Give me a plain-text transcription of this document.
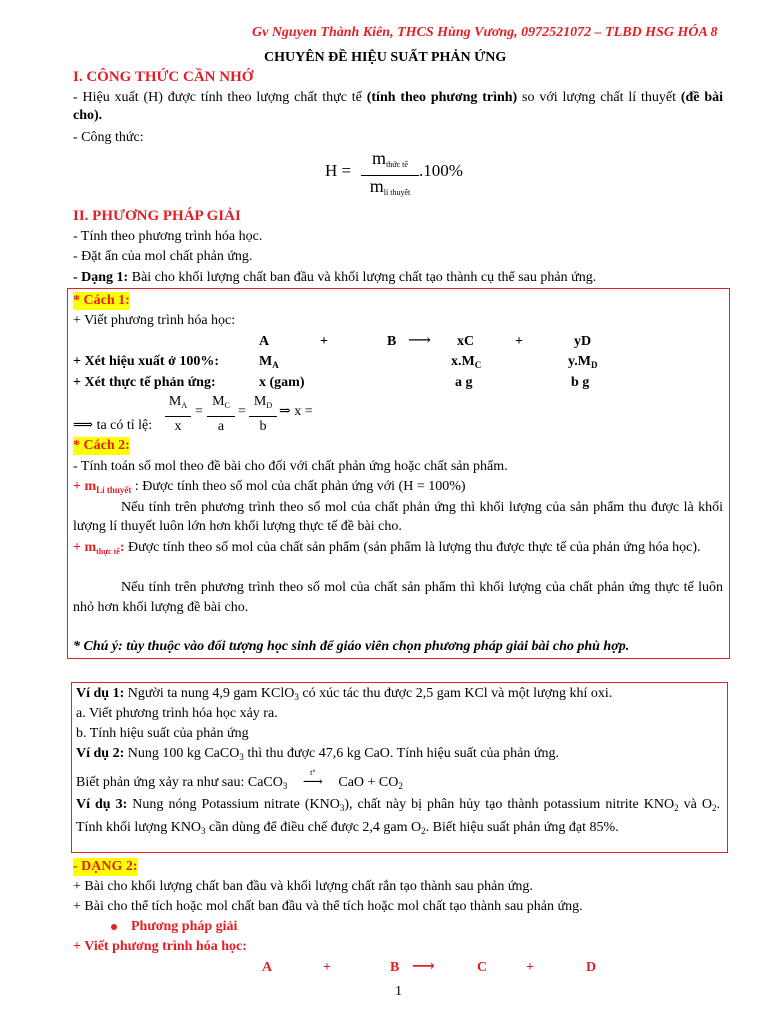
Gv Nguyen Thành Kiên, THCS Hùng Vương, 0972521072 – TLBD HSG HÓA 8
CHUYÊN ĐỀ HIỆU SUẤT PHẢN ỨNG
I. CÔNG THỨC CẦN NHỚ
- Hiệu xuất (H) được tính theo lượng chất thực tế (tính theo phương trình) so với lượng chất lí thuyết (đề bài cho).
- Công thức:
H =
$m_{thức tế}$
$m_{lí thuyết}$
.100%
II. PHƯƠNG PHÁP GIẢI
- Tính theo phương trình hóa học.
- Đặt ẩn của mol chất phản ứng.
- Dạng 1: Bài cho khối lượng chất ban đầu và khối lượng chất tạo thành cụ thể sau phản ứng.
* Cách 1:
+ Viết phương trình hóa học:
A	+	B ⟶ xC	+	yD
+ Xét hiệu xuất ở 100%:	$M_A$	$x.M_C$	$y.M_D$
+ Xét thực tế phản ứng:	x (gam)	a g	b g
⟹ ta có tỉ lệ:
$M_A$
x
=
$M_C$
a
=
$M_D$
b
⇒ x =
* Cách 2:
- Tính toán số mol theo đề bài cho đối với chất phản ứng hoặc chất sản phẩm.
+ $m_{Lí thuyết}$ : Được tính theo số mol của chất phản ứng với (H = 100%)
Nếu tính trên phương trình theo số mol của chất phản ứng thì khối lượng của sản phẩm thu được là khối lượng lí thuyết luôn lớn hơn khối lượng thực tế đề bài cho.
+ $m_{thực tế}$: Được tính theo số mol của chất sản phẩm (sản phẩm là lượng thu được thực tế của phản ứng hóa học).
Nếu tính trên phương trình theo số mol của chất sản phẩm thì khối lượng của chất phản ứng thực tế luôn nhỏ hơn khối lượng đề bài cho.
* Chú ý: tùy thuộc vào đối tượng học sinh để giáo viên chọn phương pháp giải bài cho phù hợp.
Ví dụ 1: Người ta nung 4,9 gam KClO$_3$ có xúc tác thu được 2,5 gam KCl và một lượng khí oxi.
a. Viết phương trình hóa học xảy ra.
b. Tính hiệu suất của phản ứng
Ví dụ 2: Nung 100 kg CaCO$_3$ thì thu được 47,6 kg CaO. Tính hiệu suất của phản ứng.
Biết phản ứng xảy ra như sau: CaCO$_3$
t°
⟶ CaO + $CO_2$
Ví dụ 3: Nung nóng Potassium nitrate $(KNO_3)$, chất này bị phân hủy tạo thành potassium nitrite $KNO_2$ và $O_2$. Tính khối lượng $KNO_3$ cần dùng để điều chế được 2,4 gam $O_2$. Biết hiệu suất phản ứng đạt 85%.
- DẠNG 2:
+ Bài cho khối lượng chất ban đầu và khối lượng chất rắn tạo thành sau phản ứng.
+ Bài cho thể tích hoặc mol chất ban đầu và thể tích hoặc mol chất tạo thành sau phản ứng.
Phương pháp giải
+ Viết phương trình hóa học:
A	+	B ⟶	C	+	D
1
